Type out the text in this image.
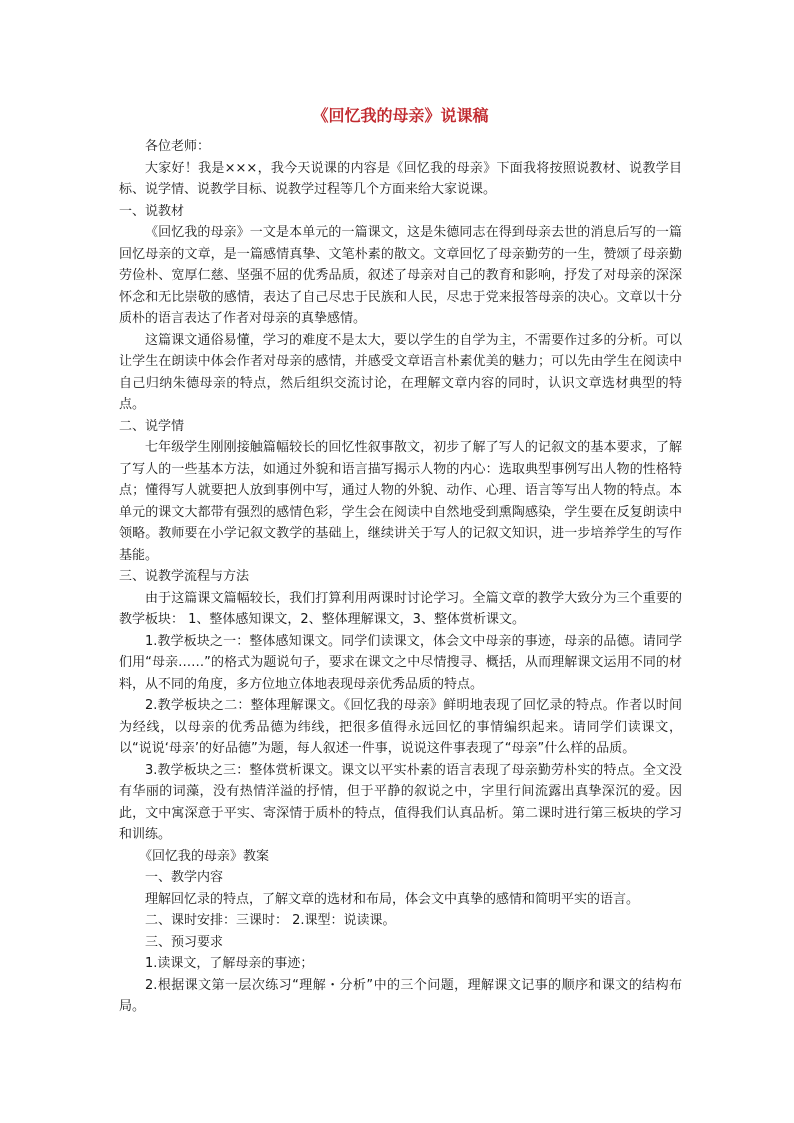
《回忆我的母亲》说课稿

各位老师：

大家好！我是×××，我今天说课的内容是《回忆我的母亲》下面我将按照说教材、说教学目标、说学情、说教学目标、说教学过程等几个方面来给大家说课。

一、说教材

《回忆我的母亲》一文是本单元的一篇课文，这是朱德同志在得到母亲去世的消息后写的一篇回忆母亲的文章，是一篇感情真挚、文笔朴素的散文。文章回忆了母亲勤劳的一生，赞颂了母亲勤劳俭朴、宽厚仁慈、坚强不屈的优秀品质，叙述了母亲对自己的教育和影响，抒发了对母亲的深深怀念和无比崇敬的感情，表达了自己尽忠于民族和人民，尽忠于党来报答母亲的决心。文章以十分质朴的语言表达了作者对母亲的真挚感情。

这篇课文通俗易懂，学习的难度不是太大，要以学生的自学为主，不需要作过多的分析。可以让学生在朗读中体会作者对母亲的感情，并感受文章语言朴素优美的魅力；可以先由学生在阅读中自己归纳朱德母亲的特点，然后组织交流讨论，在理解文章内容的同时，认识文章选材典型的特点。

二、说学情

七年级学生刚刚接触篇幅较长的回忆性叙事散文，初步了解了写人的记叙文的基本要求，了解了写人的一些基本方法，如通过外貌和语言描写揭示人物的内心：选取典型事例写出人物的性格特点；懂得写人就要把人放到事例中写，通过人物的外貌、动作、心理、语言等写出人物的特点。本单元的课文大都带有强烈的感情色彩，学生会在阅读中自然地受到熏陶感染，学生要在反复朗读中领略。教师要在小学记叙文教学的基础上，继续讲关于写人的记叙文知识，进一步培养学生的写作基能。

三、说教学流程与方法

由于这篇课文篇幅较长，我们打算利用两课时讨论学习。全篇文章的教学大致分为三个重要的教学板块： 1、整体感知课文，2、整体理解课文，3、整体赏析课文。

1.教学板块之一：整体感知课文。同学们读课文，体会文中母亲的事迹，母亲的品德。请同学们用“母亲……”的格式为题说句子，要求在课文之中尽情搜寻、概括，从而理解课文运用不同的材料，从不同的角度，多方位地立体地表现母亲优秀品质的特点。

2.教学板块之二：整体理解课文。《回忆我的母亲》鲜明地表现了回忆录的特点。作者以时间为经线，以母亲的优秀品德为纬线，把很多值得永远回忆的事情编织起来。请同学们读课文，以“说说‘母亲’的好品德”为题，每人叙述一件事，说说这件事表现了“母亲”什么样的品质。

3.教学板块之三：整体赏析课文。课文以平实朴素的语言表现了母亲勤劳朴实的特点。全文没有华丽的词藻，没有热情洋溢的抒情，但于平静的叙说之中，字里行间流露出真挚深沉的爱。因此，文中寓深意于平实、寄深情于质朴的特点，值得我们认真品析。第二课时进行第三板块的学习和训练。

《回忆我的母亲》教案

一、教学内容

理解回忆录的特点，了解文章的选材和布局，体会文中真挚的感情和简明平实的语言。

二、课时安排：三课时： 2.课型：说读课。

三、预习要求

1.读课文，了解母亲的事迹；

2.根据课文第一层次练习“理解・分析”中的三个问题，理解课文记事的顺序和课文的结构布局。
